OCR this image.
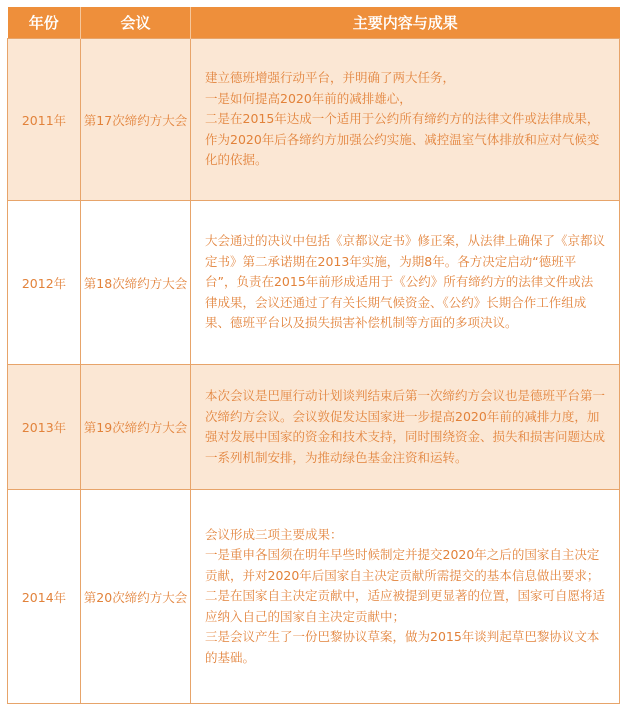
年份	会议	主要内容与成果
2011年	第17次缔约方大会	建立德班增强行动平台，并明确了两大任务，

一是如何提高2020年前的减排雄心，

二是在2015年达成一个适用于公约所有缔约方的法律文件或法律成果，作为2020年后各缔约方加强公约实施、减控温室气体排放和应对气候变化的依据。

2012年	第18次缔约方大会	大会通过的决议中包括《京都议定书》修正案，从法律上确保了《京都议定书》第二承诺期在2013年实施，为期8年。各方决定启动“德班平台”，负责在2015年前形成适用于《公约》所有缔约方的法律文件或法律成果，会议还通过了有关长期气候资金、《公约》长期合作工作组成果、德班平台以及损失损害补偿机制等方面的多项决议。

2013年	第19次缔约方大会	本次会议是巴厘行动计划谈判结束后第一次缔约方会议也是德班平台第一次缔约方会议。会议敦促发达国家进一步提高2020年前的减排力度，加强对发展中国家的资金和技术支持，同时围绕资金、损失和损害问题达成一系列机制安排，为推动绿色基金注资和运转。

2014年	第20次缔约方大会	会议形成三项主要成果：

一是重申各国须在明年早些时候制定并提交2020年之后的国家自主决定贡献，并对2020年后国家自主决定贡献所需提交的基本信息做出要求；

二是在国家自主决定贡献中，适应被提到更显著的位置，国家可自愿将适应纳入自己的国家自主决定贡献中；

三是会议产生了一份巴黎协议草案，做为2015年谈判起草巴黎协议文本的基础。
